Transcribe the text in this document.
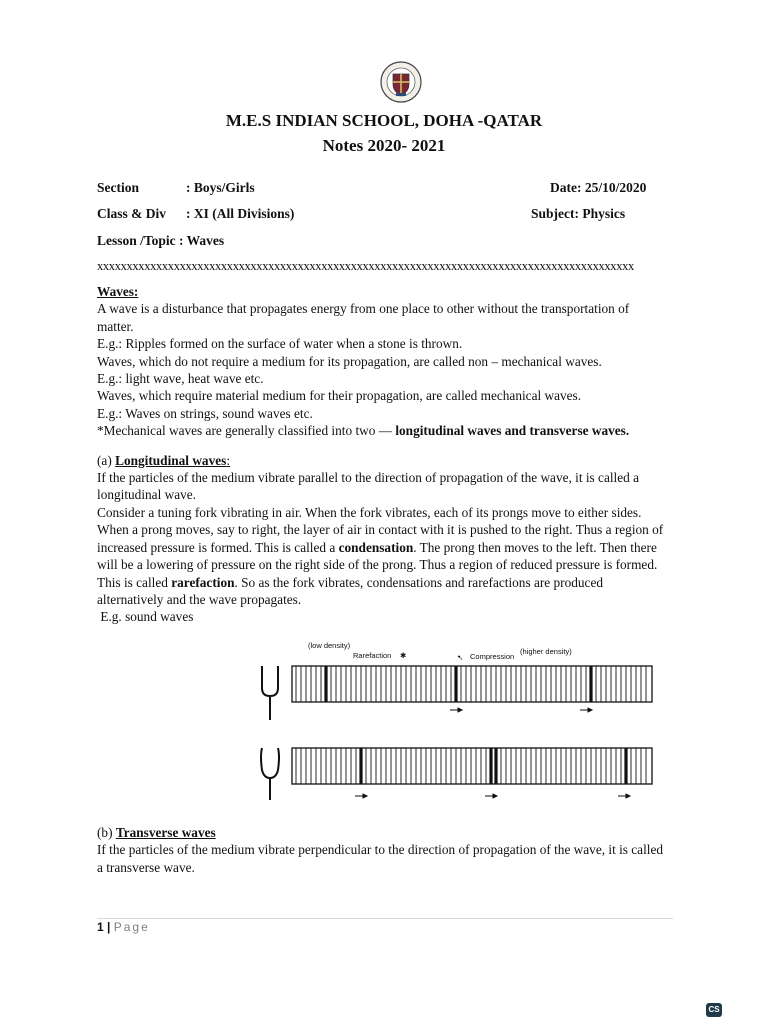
M.E.S INDIAN SCHOOL, DOHA -QATAR
Notes 2020- 2021
Section	: Boys/Girls	Date: 25/10/2020
Class & Div : XI (All Divisions)	Subject: Physics
Lesson /Topic : Waves
xxxxxxxxxxxxxxxxxxxxxxxxxxxxxxxxxxxxxxxxxxxxxxxxxxxxxxxxxxxxxxxxxxxxxxxxxxxxxxxxxxxxxxxxxxx

Waves:

A wave is a disturbance that propagates energy from one place to other without the transportation of matter.

E.g.: Ripples formed on the surface of water when a stone is thrown.

Waves, which do not require a medium for its propagation, are called non – mechanical waves.

E.g.: light wave, heat wave etc.

Waves, which require material medium for their propagation, are called mechanical waves.

E.g.: Waves on strings, sound waves etc.

*Mechanical waves are generally classified into two — longitudinal waves and transverse waves.

(a) Longitudinal waves:

If the particles of the medium vibrate parallel to the direction of propagation of the wave, it is called a longitudinal wave.

Consider a tuning fork vibrating in air. When the fork vibrates, each of its prongs move to either sides. When a prong moves, say to right, the layer of air in contact with it is pushed to the right. Thus a region of increased pressure is formed. This is called a condensation. The prong then moves to the left. Then there will be a lowering of pressure on the right side of the prong. Thus a region of reduced pressure is formed. This is called rarefaction. So as the fork vibrates, condensations and rarefactions are produced alternatively and the wave propagates.

E.g. sound waves

(low density)
Rarefaction ✱	➷ Compression
(higher density)

(b) Transverse waves

If the particles of the medium vibrate perpendicular to the direction of propagation of the wave, it is called a transverse wave.

1 | Page
CS
